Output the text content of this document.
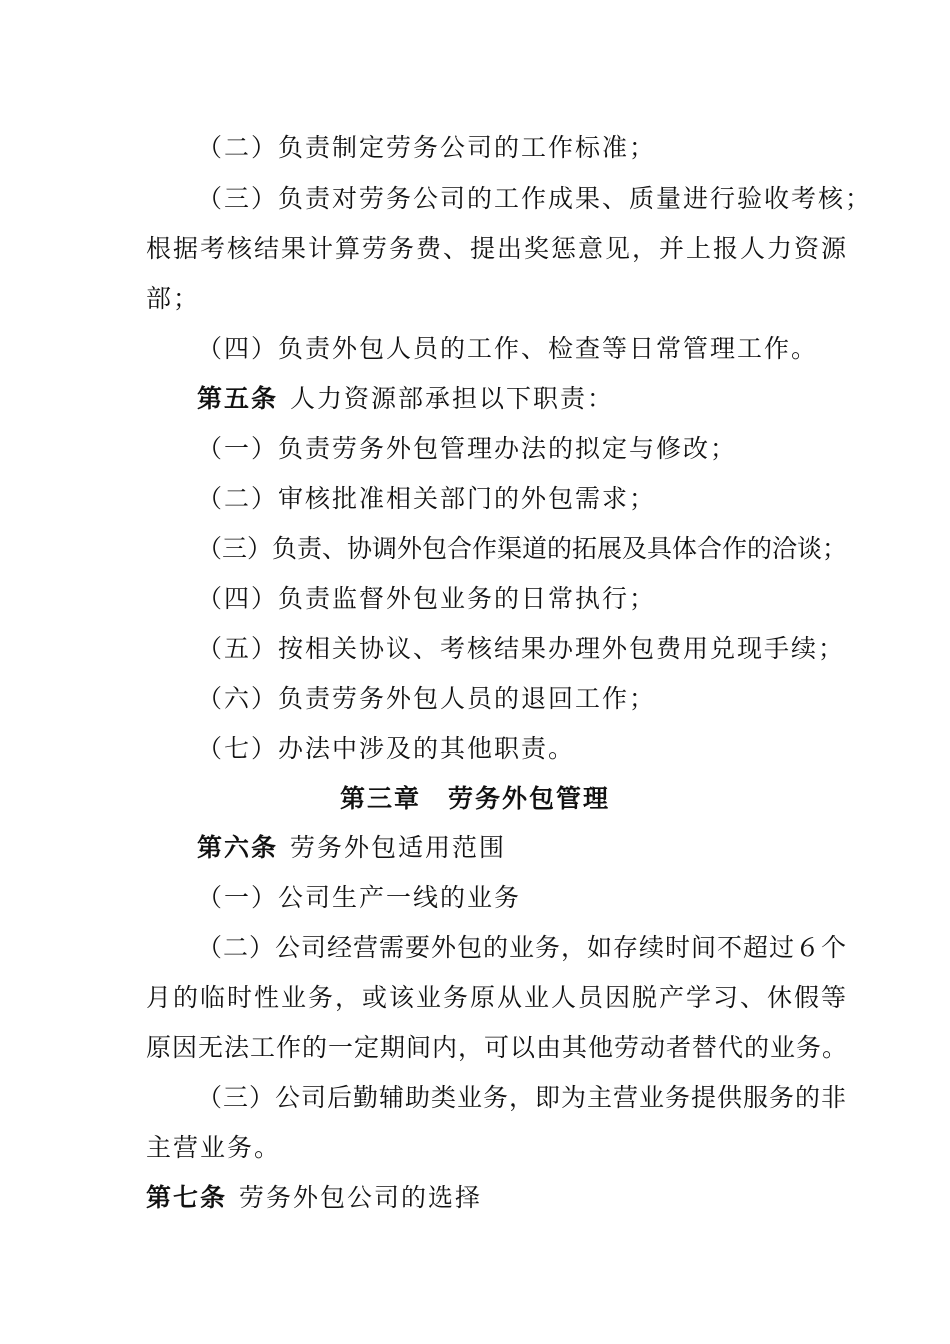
（二）负责制定劳务公司的工作标准；
（三）负责对劳务公司的工作成果、质量进行验收考核；
根据考核结果计算劳务费、提出奖惩意见，并上报人力资源
部；
（四）负责外包人员的工作、检查等日常管理工作。
第五条 人力资源部承担以下职责：
（一）负责劳务外包管理办法的拟定与修改；
（二）审核批准相关部门的外包需求；
（三）负责、协调外包合作渠道的拓展及具体合作的洽谈；
（四）负责监督外包业务的日常执行；
（五）按相关协议、考核结果办理外包费用兑现手续；
（六）负责劳务外包人员的退回工作；
（七）办法中涉及的其他职责。
第三章　劳务外包管理
第六条 劳务外包适用范围
（一）公司生产一线的业务
（二）公司经营需要外包的业务，如存续时间不超过６个
月的临时性业务，或该业务原从业人员因脱产学习、休假等
原因无法工作的一定期间内，可以由其他劳动者替代的业务。
（三）公司后勤辅助类业务，即为主营业务提供服务的非
主营业务。
第七条 劳务外包公司的选择
